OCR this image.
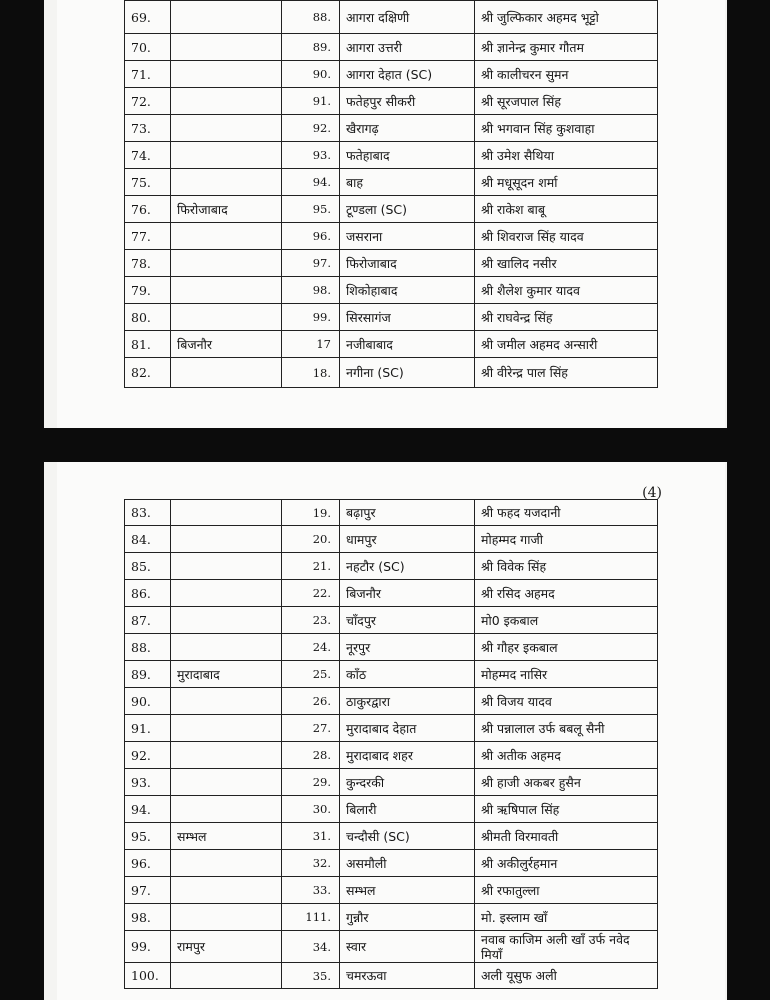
69.		88.	आगरा दक्षिणी	श्री जुल्फिकार अहमद भूट्टो
70.		89.	आगरा उत्तरी	श्री ज्ञानेन्द्र कुमार गौतम
71.		90.	आगरा देहात (SC)	श्री कालीचरन सुमन
72.		91.	फतेहपुर सीकरी	श्री सूरजपाल सिंह
73.		92.	खैरागढ़	श्री भगवान सिंह कुशवाहा
74.		93.	फतेहाबाद	श्री उमेश सैथिया
75.		94.	बाह	श्री मधूसूदन शर्मा
76.	फिरोजाबाद	95.	टूण्डला (SC)	श्री राकेश बाबू
77.		96.	जसराना	श्री शिवराज सिंह यादव
78.		97.	फिरोजाबाद	श्री खालिद नसीर
79.		98.	शिकोहाबाद	श्री शैलेश कुमार यादव
80.		99.	सिरसागंज	श्री राघवेन्द्र सिंह
81.	बिजनौर	17	नजीबाबाद	श्री जमील अहमद अन्सारी
82.		18.	नगीना (SC)	श्री वीरेन्द्र पाल सिंह
(4)
83.		19.	बढ़ापुर	श्री फहद यजदानी
84.		20.	धामपुर	मोहम्मद गाजी
85.		21.	नहटौर (SC)	श्री विवेक सिंह
86.		22.	बिजनौर	श्री रसिद अहमद
87.		23.	चाँदपुर	मो0 इकबाल
88.		24.	नूरपुर	श्री गौहर इकबाल
89.	मुरादाबाद	25.	काँठ	मोहम्मद नासिर
90.		26.	ठाकुरद्वारा	श्री विजय यादव
91.		27.	मुरादाबाद देहात	श्री पन्नालाल उर्फ बबलू सैनी
92.		28.	मुरादाबाद शहर	श्री अतीक अहमद
93.		29.	कुन्दरकी	श्री हाजी अकबर हुसैन
94.		30.	बिलारी	श्री ऋषिपाल सिंह
95.	सम्भल	31.	चन्दौसी (SC)	श्रीमती विरमावती
96.		32.	असमौली	श्री अकीलुर्रहमान
97.		33.	सम्भल	श्री रफातुल्ला
98.		111.	गुन्नौर	मो. इस्लाम खाँ
99.	रामपुर	34.	स्वार	नवाब काजिम अली खाँ उर्फ नवेद मियाँ
100.		35.	चमरऊवा	अली यूसुफ अली
